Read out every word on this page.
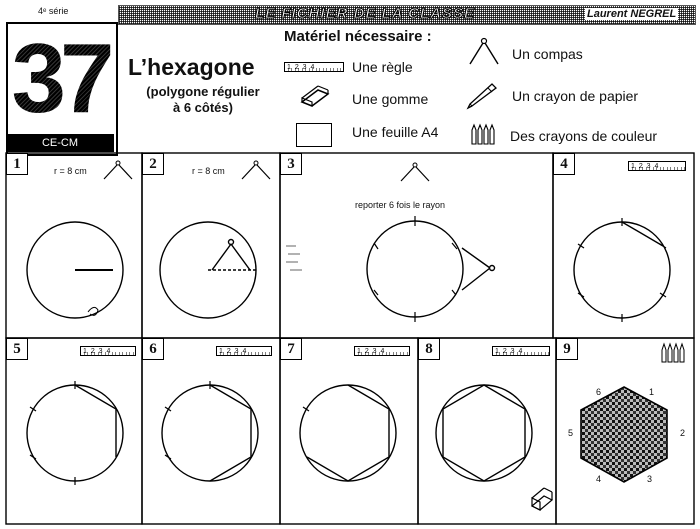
4ᵉ série	LE FICHIER DE LA CLASSE	Laurent NEGREL
37
CE-CM
L’hexagone
(polygone régulier
à 6 côtés)
Matériel nécessaire :
1 2 3 4	Une règle
Une gomme
Une feuille A4
Un compas
Un crayon de papier
Des crayons de couleur
1	2	3	4
5	6	7	8	9
r = 8 cm	r = 8 cm
reporter 6 fois le rayon
1 2 3 4
1 2 3 4	1 2 3 4	1 2 3 4	1 2 3 4
6	1
5	2
4	3
